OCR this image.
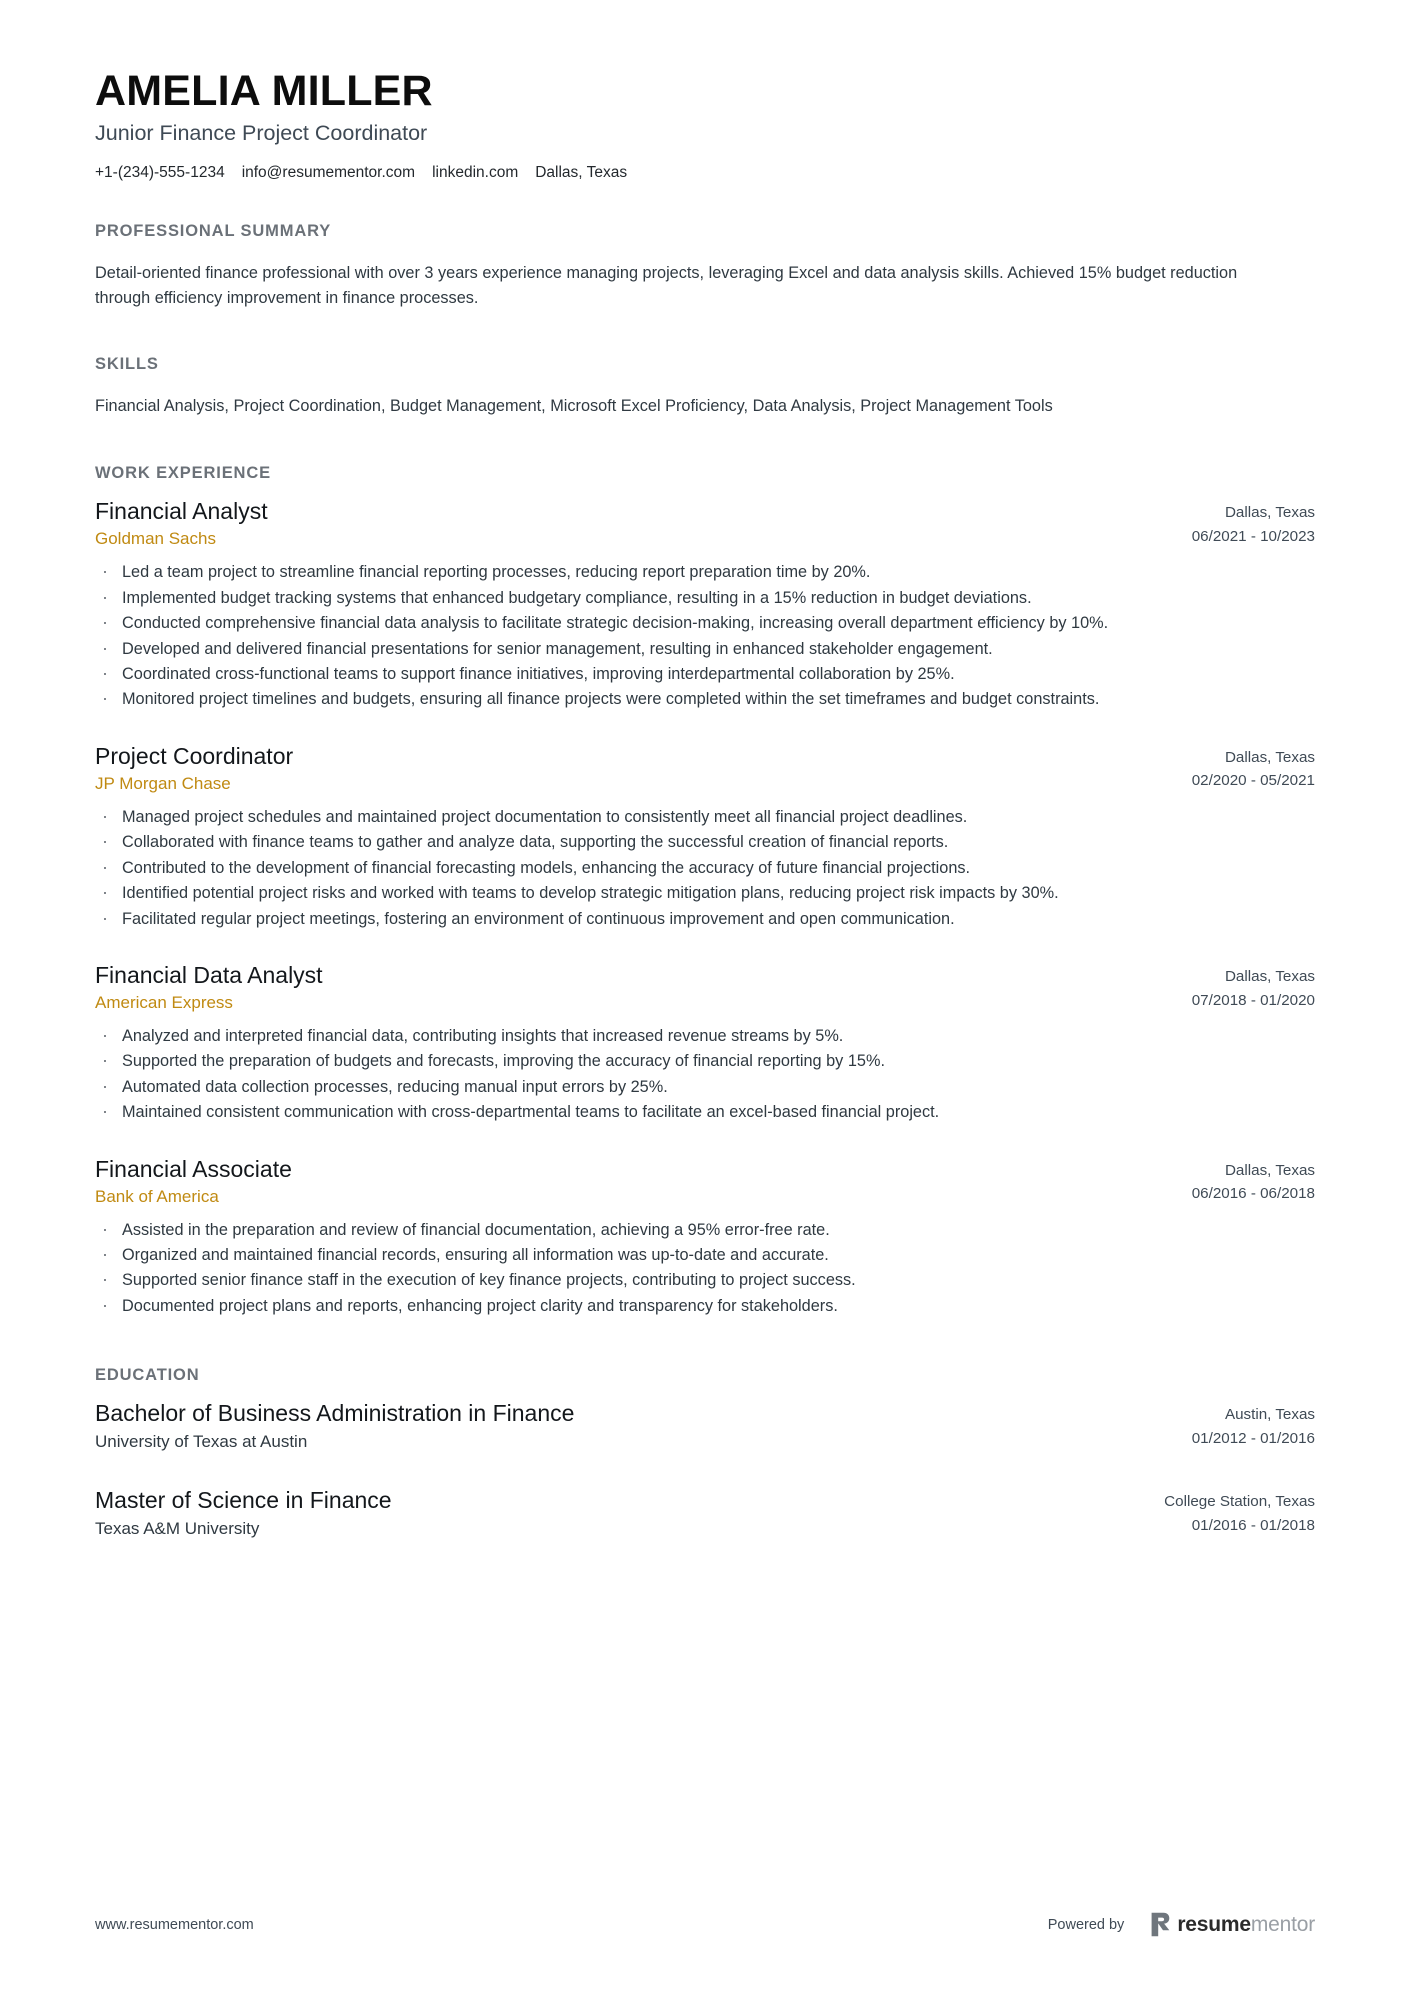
AMELIA MILLER
Junior Finance Project Coordinator
+1-(234)-555-1234 info@resumementor.com linkedin.com Dallas, Texas
PROFESSIONAL SUMMARY

Detail-oriented finance professional with over 3 years experience managing projects, leveraging Excel and data analysis skills. Achieved 15% budget reduction through efficiency improvement in finance processes.

SKILLS

Financial Analysis, Project Coordination, Budget Management, Microsoft Excel Proficiency, Data Analysis, Project Management Tools

WORK EXPERIENCE
Financial Analyst
Goldman Sachs
Dallas, Texas
06/2021 - 10/2023
· Led a team project to streamline financial reporting processes, reducing report preparation time by 20%.
· Implemented budget tracking systems that enhanced budgetary compliance, resulting in a 15% reduction in budget deviations.
· Conducted comprehensive financial data analysis to facilitate strategic decision-making, increasing overall department efficiency by 10%.
· Developed and delivered financial presentations for senior management, resulting in enhanced stakeholder engagement.
· Coordinated cross-functional teams to support finance initiatives, improving interdepartmental collaboration by 25%.
· Monitored project timelines and budgets, ensuring all finance projects were completed within the set timeframes and budget constraints.
Project Coordinator
JP Morgan Chase
Dallas, Texas
02/2020 - 05/2021
· Managed project schedules and maintained project documentation to consistently meet all financial project deadlines.
· Collaborated with finance teams to gather and analyze data, supporting the successful creation of financial reports.
· Contributed to the development of financial forecasting models, enhancing the accuracy of future financial projections.
· Identified potential project risks and worked with teams to develop strategic mitigation plans, reducing project risk impacts by 30%.
· Facilitated regular project meetings, fostering an environment of continuous improvement and open communication.
Financial Data Analyst
American Express
Dallas, Texas
07/2018 - 01/2020
· Analyzed and interpreted financial data, contributing insights that increased revenue streams by 5%.
· Supported the preparation of budgets and forecasts, improving the accuracy of financial reporting by 15%.
· Automated data collection processes, reducing manual input errors by 25%.
· Maintained consistent communication with cross-departmental teams to facilitate an excel-based financial project.
Financial Associate
Bank of America
Dallas, Texas
06/2016 - 06/2018
· Assisted in the preparation and review of financial documentation, achieving a 95% error-free rate.
· Organized and maintained financial records, ensuring all information was up-to-date and accurate.
· Supported senior finance staff in the execution of key finance projects, contributing to project success.
· Documented project plans and reports, enhancing project clarity and transparency for stakeholders.
EDUCATION
Bachelor of Business Administration in Finance
University of Texas at Austin
Austin, Texas
01/2012 - 01/2016
Master of Science in Finance
Texas A&M University
College Station, Texas
01/2016 - 01/2018
www.resumementor.com	Powered by	resumementor
